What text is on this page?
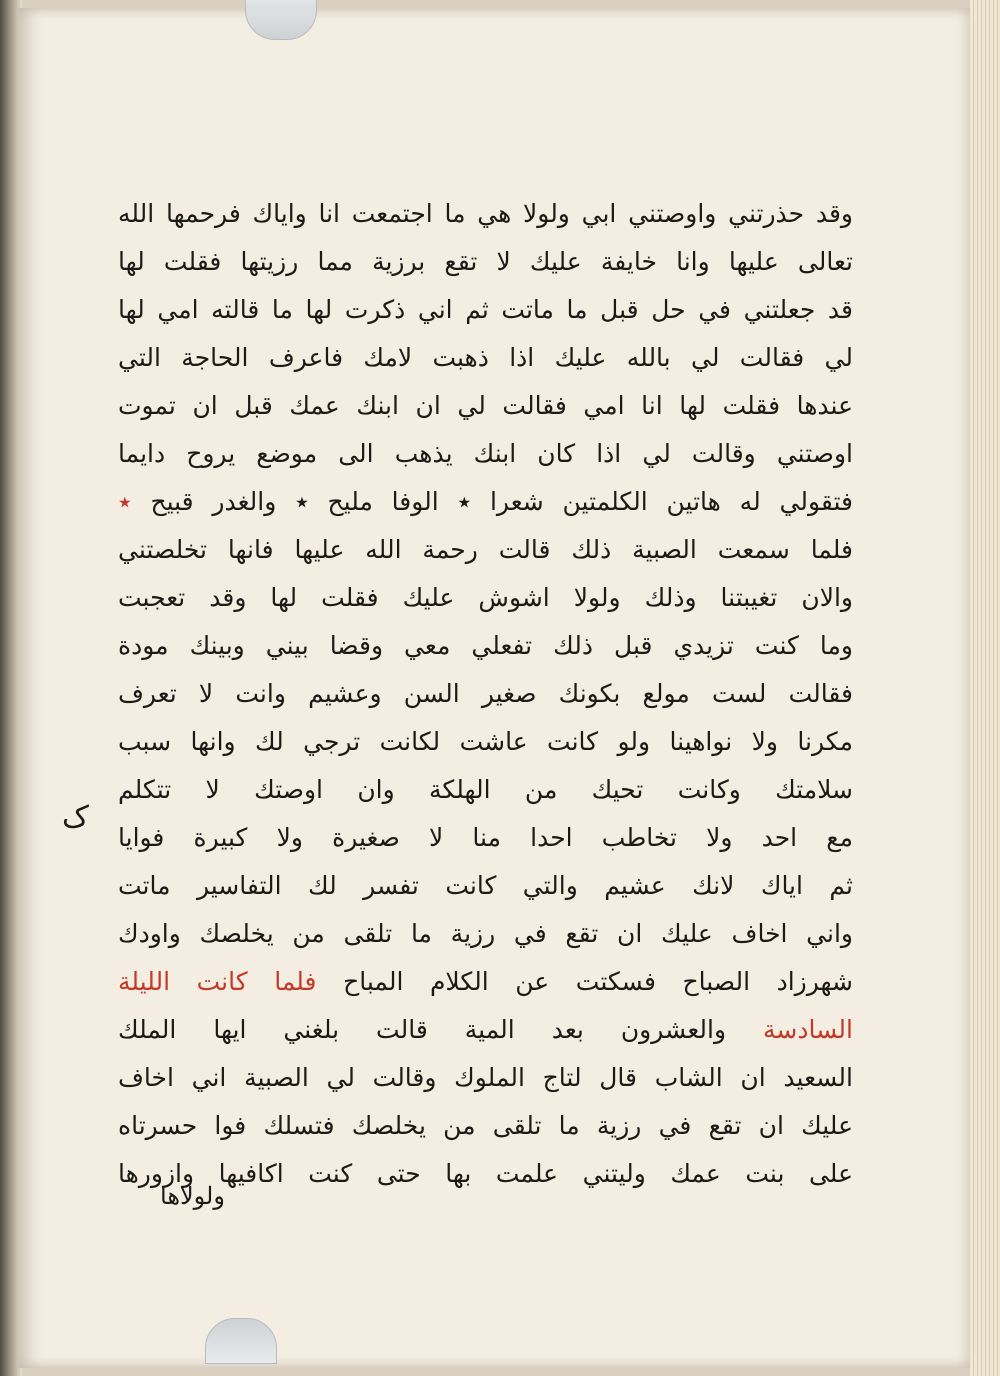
وقد حذرتني واوصتني ابي ولولا هي ما اجتمعت انا واياك فرحمها الله
تعالى عليها وانا خايفة عليك لا تقع برزية مما رزيتها فقلت لها
قد جعلتني في حل قبل ما ماتت ثم اني ذكرت لها ما قالته امي لها
لي فقالت لي بالله عليك اذا ذهبت لامك فاعرف الحاجة التي
عندها فقلت لها انا امي فقالت لي ان ابنك عمك قبل ان تموت
اوصتني وقالت لي اذا كان ابنك يذهب الى موضع يروح دايما
فتقولي له هاتين الكلمتين شعرا ٭ الوفا مليح ٭ والغدر قبيح ٭
فلما سمعت الصبية ذلك قالت رحمة الله عليها فانها تخلصتني
والان تغيبتنا وذلك ولولا اشوش عليك فقلت لها وقد تعجبت
وما كنت تزيدي قبل ذلك تفعلي معي وقضا بيني وبينك مودة
فقالت لست مولع بكونك صغير السن وعشيم وانت لا تعرف
مكرنا ولا نواهينا ولو كانت عاشت لكانت ترجي لك وانها سبب
سلامتك وكانت تحيك من الهلكة وان اوصتك لا تتكلم
مع احد ولا تخاطب احدا منا لا صغيرة ولا كبيرة فوايا
ثم اياك لانك عشيم والتي كانت تفسر لك التفاسير ماتت
واني اخاف عليك ان تقع في رزية ما تلقى من يخلصك واودك
شهرزاد الصباح فسكتت عن الكلام المباح فلما كانت الليلة
السادسة والعشرون بعد المية قالت بلغني ايها الملك
السعيد ان الشاب قال لتاج الملوك وقالت لي الصبية اني اخاف
عليك ان تقع في رزية ما تلقى من يخلصك فتسلك فوا حسرتاه
على بنت عمك وليتني علمت بها حتى كنت اكافيها وازورها
ک
ولولاها
